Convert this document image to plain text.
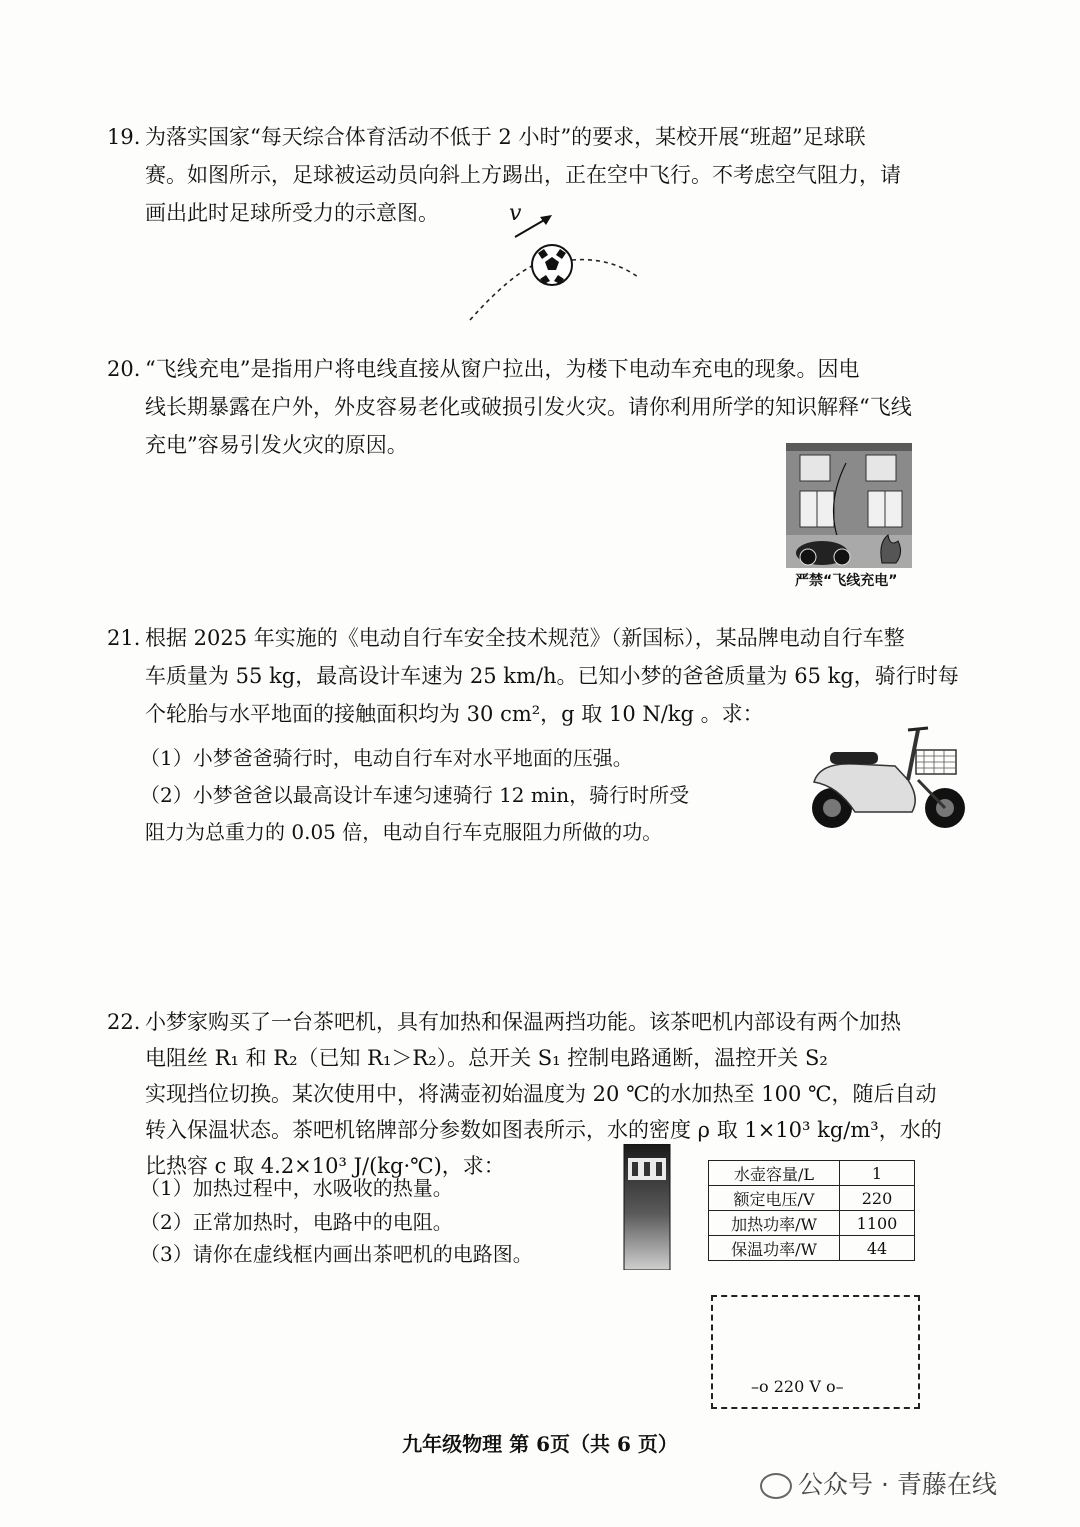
19. 为落实国家“每天综合体育活动不低于 2 小时”的要求，某校开展“班超”足球联

赛。如图所示，足球被运动员向斜上方踢出，正在空中飞行。不考虑空气阻力，请

画出此时足球所受力的示意图。	v

20. “飞线充电”是指用户将电线直接从窗户拉出，为楼下电动车充电的现象。因电

线长期暴露在户外，外皮容易老化或破损引发火灾。请你利用所学的知识解释“飞线

充电”容易引发火灾的原因。

严禁“飞线充电”

21. 根据 2025 年实施的《电动自行车安全技术规范》（新国标），某品牌电动自行车整

车质量为 55 kg，最高设计车速为 25 km/h。已知小梦的爸爸质量为 65 kg，骑行时每

个轮胎与水平地面的接触面积均为 30 cm²，g 取 10 N/kg 。求：

（1）小梦爸爸骑行时，电动自行车对水平地面的压强。
（2）小梦爸爸以最高设计车速匀速骑行 12 min，骑行时所受
阻力为总重力的 0.05 倍，电动自行车克服阻力所做的功。

22. 小梦家购买了一台茶吧机，具有加热和保温两挡功能。该茶吧机内部设有两个加热

电阻丝 R₁ 和 R₂（已知 R₁＞R₂）。总开关 S₁ 控制电路通断，温控开关 S₂

实现挡位切换。某次使用中，将满壶初始温度为 20 ℃的水加热至 100 ℃，随后自动

转入保温状态。茶吧机铭牌部分参数如图表所示，水的密度 ρ 取 1×10³ kg/m³，水的

比热容 c 取 4.2×10³ J/(kg·℃)，求：

（1）加热过程中，水吸收的热量。
（2）正常加热时，电路中的电阻。
（3）请你在虚线框内画出茶吧机的电路图。
水壶容量/L	1
额定电压/V	220
加热功率/W	1100
保温功率/W	44
–o 220 V o–
九年级物理 第 6页（共 6 页）
公众号 · 青藤在线
